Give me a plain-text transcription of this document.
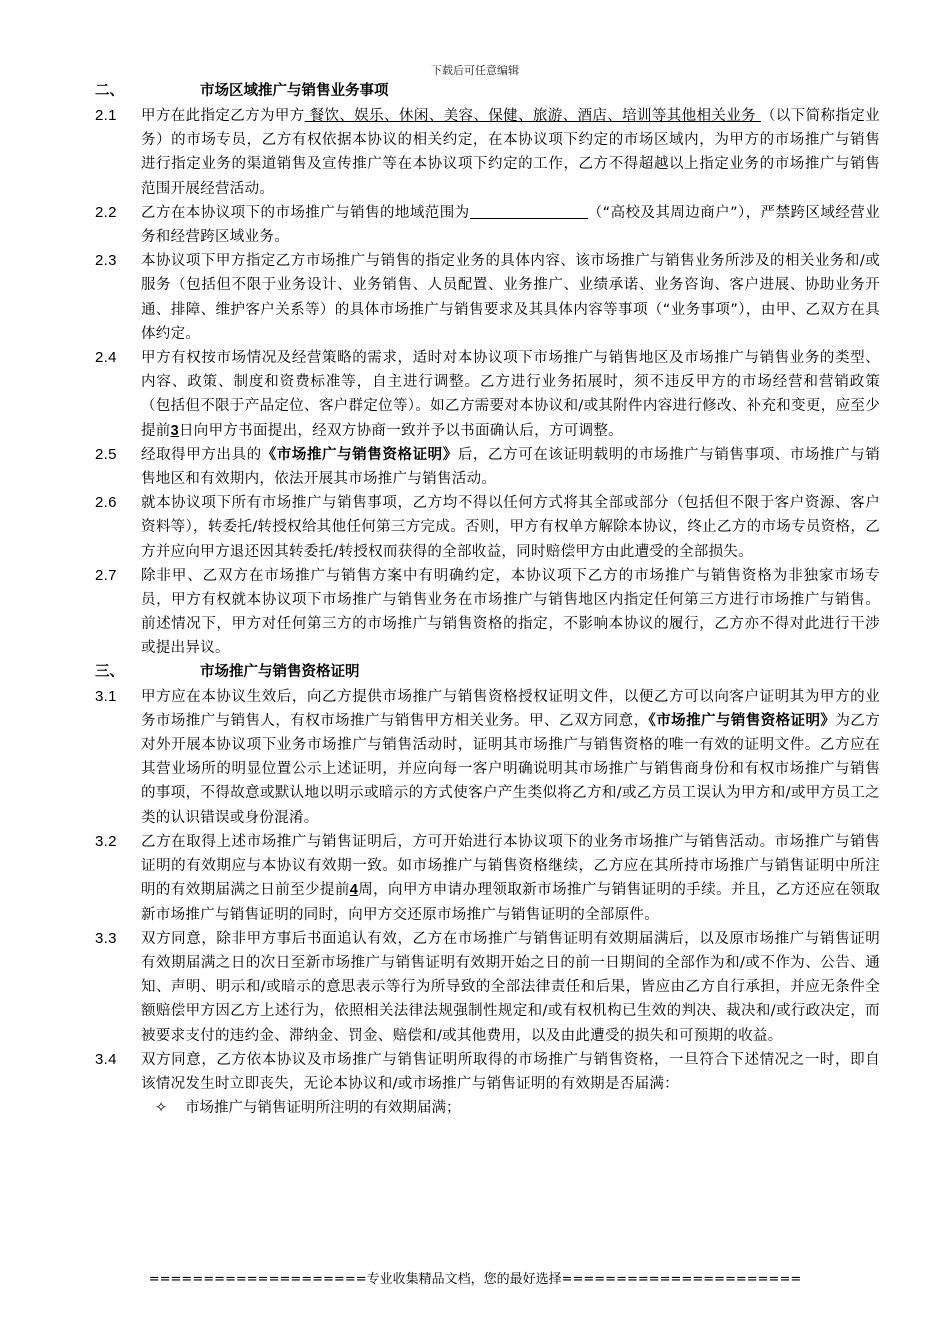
下载后可任意编辑
二、	市场区域推广与销售业务事项
2.1	甲方在此指定乙方为甲方 餐饮、娱乐、休闲、美容、保健、旅游、酒店、培训等其他相关业务 （以下简称指定业务）的市场专员，乙方有权依据本协议的相关约定，在本协议项下约定的市场区域内，为甲方的市场推广与销售进行指定业务的渠道销售及宣传推广等在本协议项下约定的工作，乙方不得超越以上指定业务的市场推广与销售范围开展经营活动。
2.2	乙方在本协议项下的市场推广与销售的地域范围为	（“高校及其周边商户”），严禁跨区域经营业务和经营跨区域业务。
2.3	本协议项下甲方指定乙方市场推广与销售的指定业务的具体内容、该市场推广与销售业务所涉及的相关业务和/或服务（包括但不限于业务设计、业务销售、人员配置、业务推广、业绩承诺、业务咨询、客户进展、协助业务开通、排障、维护客户关系等）的具体市场推广与销售要求及其具体内容等事项（“业务事项”），由甲、乙双方在具体约定。
2.4	甲方有权按市场情况及经营策略的需求，适时对本协议项下市场推广与销售地区及市场推广与销售业务的类型、内容、政策、制度和资费标准等，自主进行调整。乙方进行业务拓展时，须不违反甲方的市场经营和营销政策（包括但不限于产品定位、客户群定位等）。如乙方需要对本协议和/或其附件内容进行修改、补充和变更，应至少提前3日向甲方书面提出，经双方协商一致并予以书面确认后，方可调整。
2.5	经取得甲方出具的《市场推广与销售资格证明》后，乙方可在该证明载明的市场推广与销售事项、市场推广与销售地区和有效期内，依法开展其市场推广与销售活动。
2.6	就本协议项下所有市场推广与销售事项，乙方均不得以任何方式将其全部或部分（包括但不限于客户资源、客户资料等），转委托/转授权给其他任何第三方完成。否则，甲方有权单方解除本协议，终止乙方的市场专员资格，乙方并应向甲方退还因其转委托/转授权而获得的全部收益，同时赔偿甲方由此遭受的全部损失。
2.7	除非甲、乙双方在市场推广与销售方案中有明确约定，本协议项下乙方的市场推广与销售资格为非独家市场专员，甲方有权就本协议项下市场推广与销售业务在市场推广与销售地区内指定任何第三方进行市场推广与销售。前述情况下，甲方对任何第三方的市场推广与销售资格的指定，不影响本协议的履行，乙方亦不得对此进行干涉或提出异议。
三、	市场推广与销售资格证明
3.1	甲方应在本协议生效后，向乙方提供市场推广与销售资格授权证明文件，以便乙方可以向客户证明其为甲方的业务市场推广与销售人，有权市场推广与销售甲方相关业务。甲、乙双方同意，《市场推广与销售资格证明》为乙方对外开展本协议项下业务市场推广与销售活动时，证明其市场推广与销售资格的唯一有效的证明文件。乙方应在其营业场所的明显位置公示上述证明，并应向每一客户明确说明其市场推广与销售商身份和有权市场推广与销售的事项，不得故意或默认地以明示或暗示的方式使客户产生类似将乙方和/或乙方员工误认为甲方和/或甲方员工之类的认识错误或身份混淆。
3.2	乙方在取得上述市场推广与销售证明后，方可开始进行本协议项下的业务市场推广与销售活动。市场推广与销售证明的有效期应与本协议有效期一致。如市场推广与销售资格继续，乙方应在其所持市场推广与销售证明中所注明的有效期届满之日前至少提前4周，向甲方申请办理领取新市场推广与销售证明的手续。并且，乙方还应在领取新市场推广与销售证明的同时，向甲方交还原市场推广与销售证明的全部原件。
3.3	双方同意，除非甲方事后书面追认有效，乙方在市场推广与销售证明有效期届满后，以及原市场推广与销售证明有效期届满之日的次日至新市场推广与销售证明有效期开始之日的前一日期间的全部作为和/或不作为、公告、通知、声明、明示和/或暗示的意思表示等行为所导致的全部法律责任和后果，皆应由乙方自行承担，并应无条件全额赔偿甲方因乙方上述行为，依照相关法律法规强制性规定和/或有权机构已生效的判决、裁决和/或行政决定，而被要求支付的违约金、滞纳金、罚金、赔偿和/或其他费用，以及由此遭受的损失和可预期的收益。
3.4	双方同意，乙方依本协议及市场推广与销售证明所取得的市场推广与销售资格，一旦符合下述情况之一时，即自该情况发生时立即丧失，无论本协议和/或市场推广与销售证明的有效期是否届满：
✧	市场推广与销售证明所注明的有效期届满；
====================专业收集精品文档，您的最好选择======================
